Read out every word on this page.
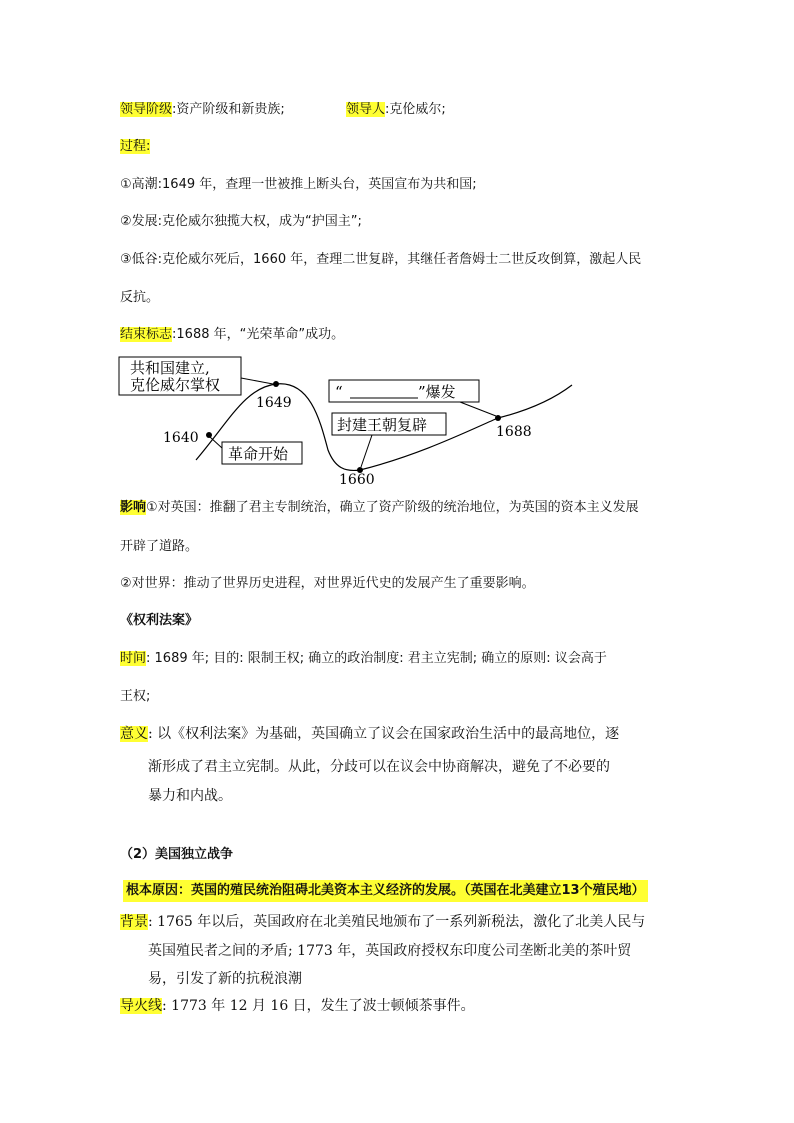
领导阶级:资产阶级和新贵族;	领导人:克伦威尔;
过程:
①高潮:1649 年，查理一世被推上断头台，英国宣布为共和国;
②发展:克伦威尔独揽大权，成为“护国主”;
③低谷:克伦威尔死后，1660 年，查理二世复辟，其继任者詹姆士二世反攻倒算，激起人民
反抗。
结束标志:1688 年，“光荣革命”成功。
共和国建立,
克伦威尔掌权
革命开始
封建王朝复辟
“	”爆发
1640
1649
1660
1688
影响①对英国：推翻了君主专制统治，确立了资产阶级的统治地位，为英国的资本主义发展
开辟了道路。
②对世界：推动了世界历史进程，对世界近代史的发展产生了重要影响。
《权利法案》
时间: 1689 年; 目的: 限制王权; 确立的政治制度: 君主立宪制; 确立的原则: 议会高于
王权;
意义: 以《权利法案》为基础，英国确立了议会在国家政治生活中的最高地位，逐
渐形成了君主立宪制。从此，分歧可以在议会中协商解决，避免了不必要的
暴力和内战。
（2）美国独立战争
根本原因：英国的殖民统治阻碍北美资本主义经济的发展。（英国在北美建立13个殖民地）
背景: 1765 年以后，英国政府在北美殖民地颁布了一系列新税法，激化了北美人民与
英国殖民者之间的矛盾; 1773 年，英国政府授权东印度公司垄断北美的茶叶贸
易，引发了新的抗税浪潮
导火线: 1773 年 12 月 16 日，发生了波士顿倾茶事件。
